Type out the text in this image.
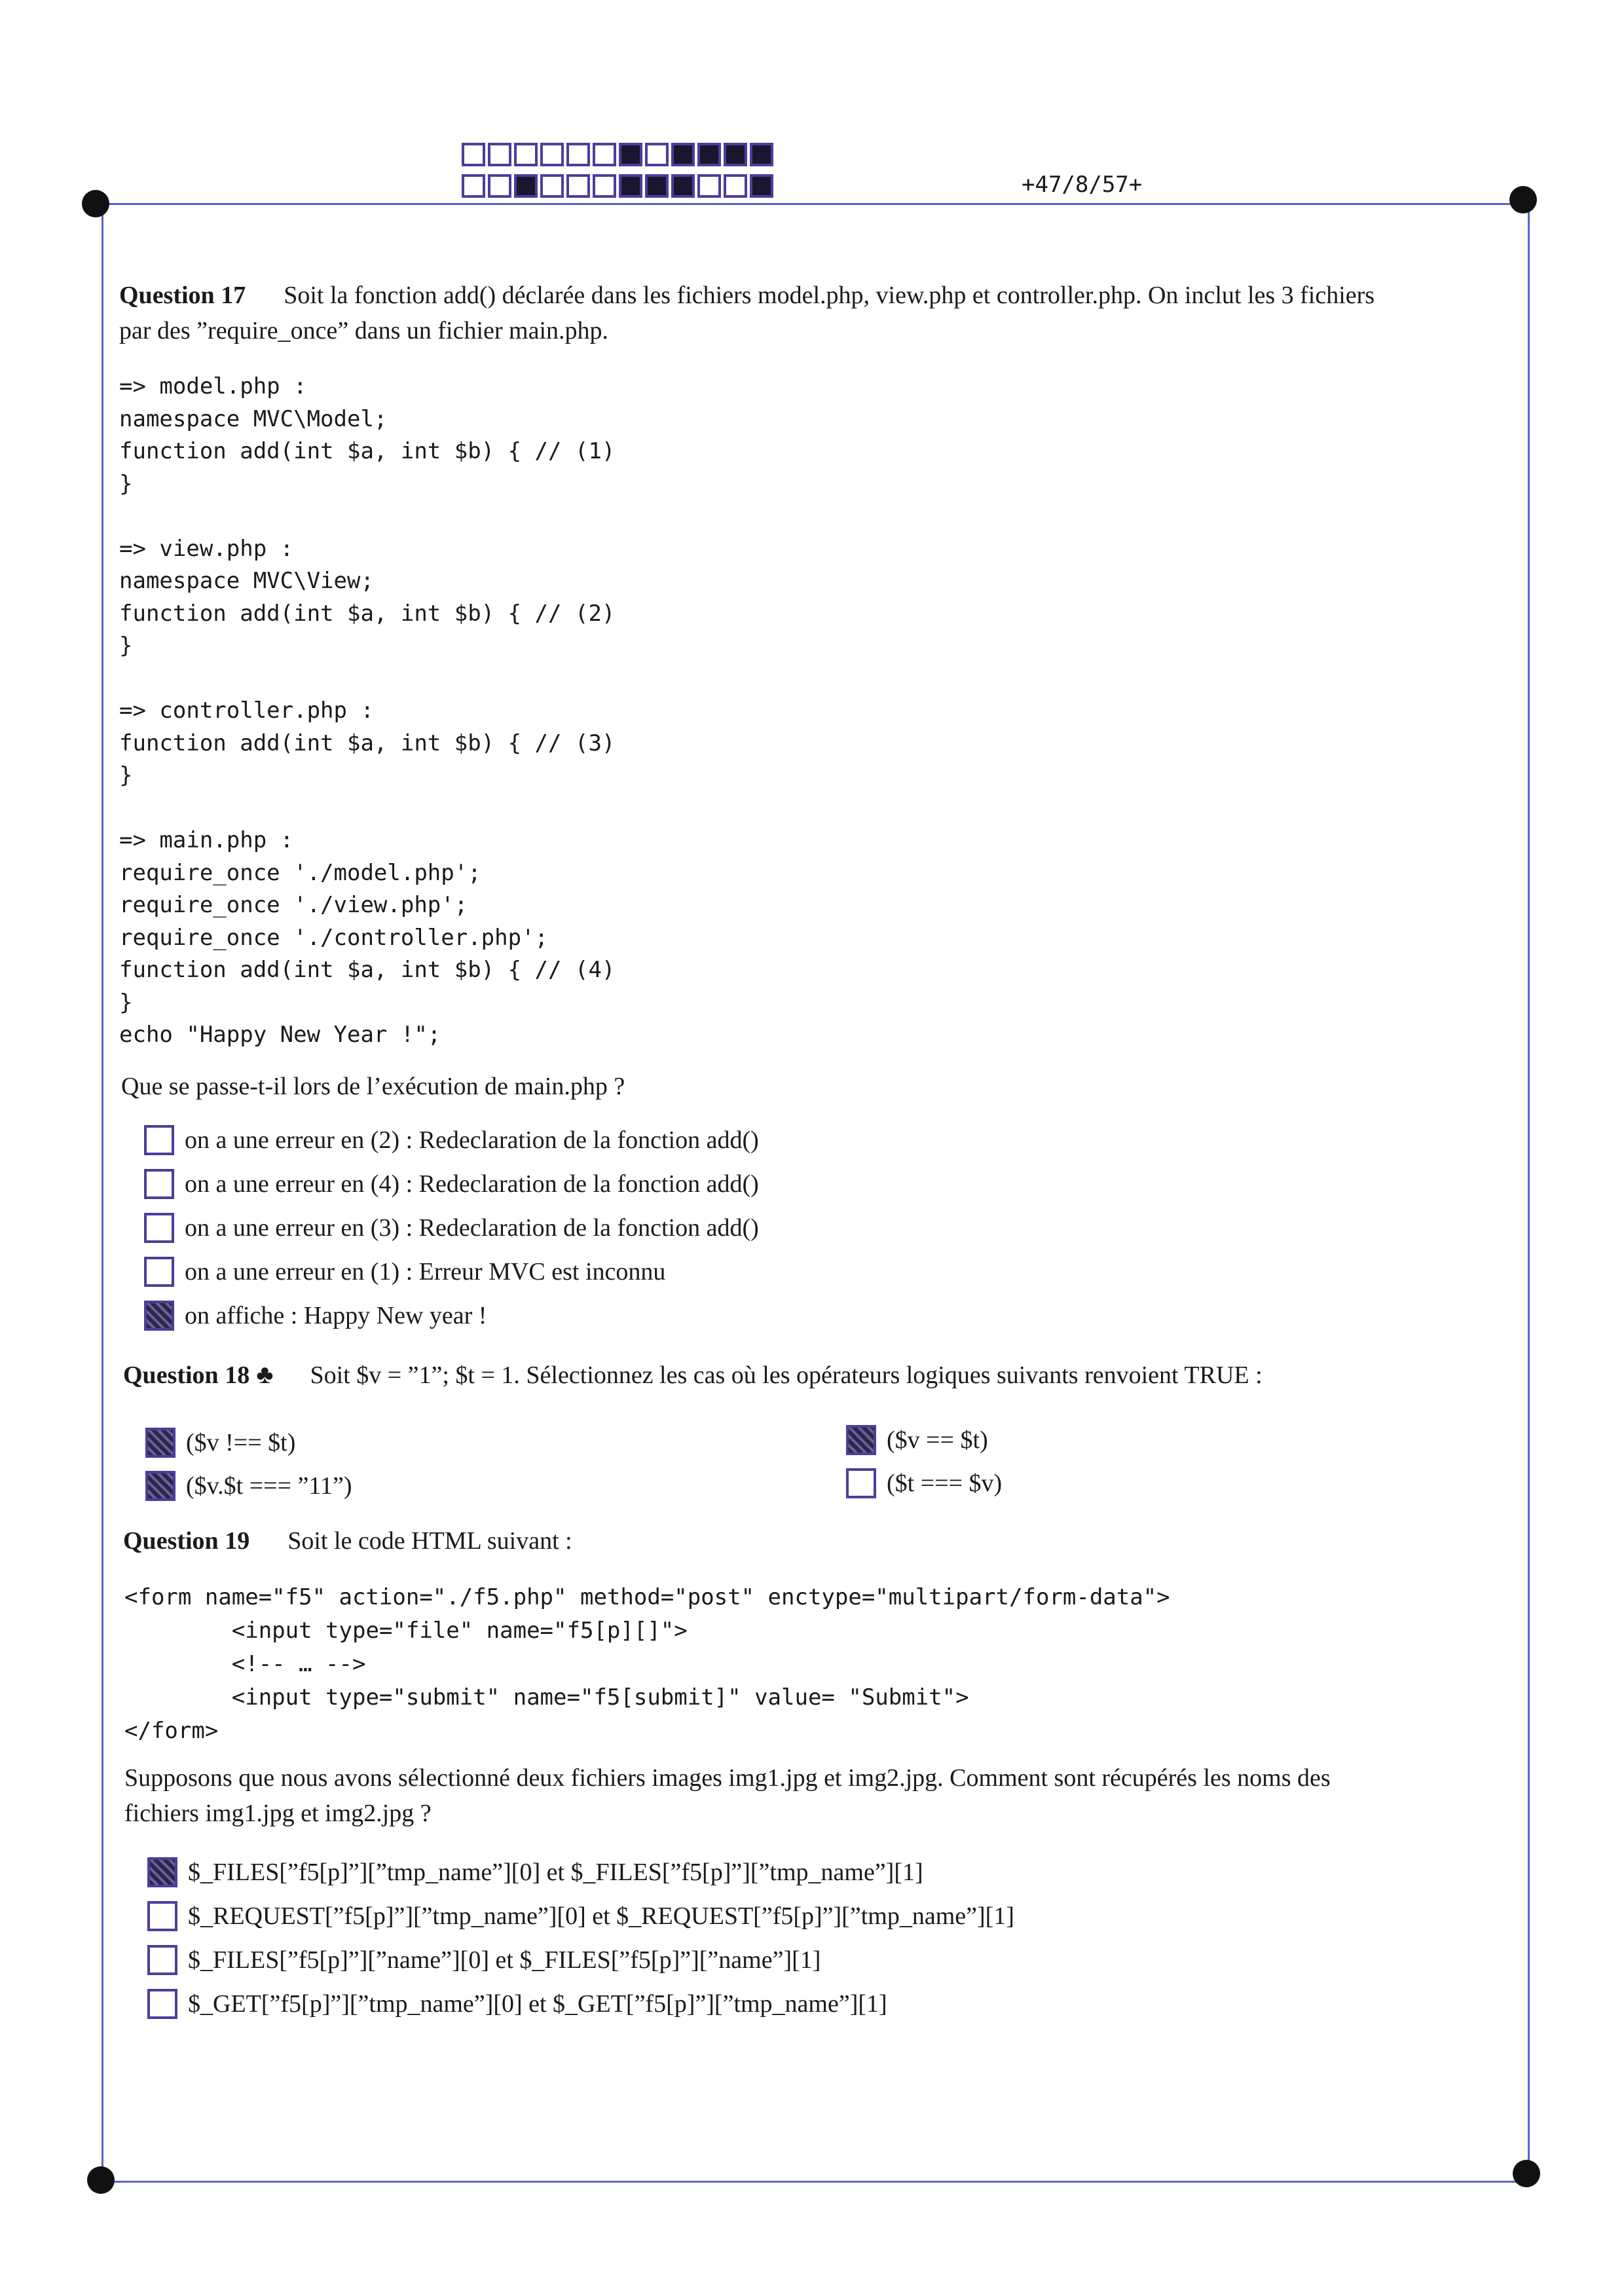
+47/8/57+
Question 17 Soit la fonction add() déclarée dans les fichiers model.php, view.php et controller.php. On inclut les 3 fichiers
par des ”require_once” dans un fichier main.php.
=> model.php :
namespace MVC\Model;
function add(int $a, int $b) { // (1)
}

=> view.php :
namespace MVC\View;
function add(int $a, int $b) { // (2)
}

=> controller.php :
function add(int $a, int $b) { // (3)
}

=> main.php :
require_once './model.php';
require_once './view.php';
require_once './controller.php';
function add(int $a, int $b) { // (4)
}
echo "Happy New Year !";
Que se passe-t-il lors de l’exécution de main.php ?
on a une erreur en (2) : Redeclaration de la fonction add()
on a une erreur en (4) : Redeclaration de la fonction add()
on a une erreur en (3) : Redeclaration de la fonction add()
on a une erreur en (1) : Erreur MVC est inconnu
on affiche : Happy New year !
Question 18 ♣ Soit $v = ”1”; $t = 1. Sélectionnez les cas où les opérateurs logiques suivants renvoient TRUE :
($v !== $t)
($v.$t === ”11”)
($v == $t)
($t === $v)
Question 19 Soit le code HTML suivant :
<form name="f5" action="./f5.php" method="post" enctype="multipart/form-data">
<input type="file" name="f5[p][]">
<!-- … -->
<input type="submit" name="f5[submit]" value= "Submit">
</form>
Supposons que nous avons sélectionné deux fichiers images img1.jpg et img2.jpg. Comment sont récupérés les noms des
fichiers img1.jpg et img2.jpg ?
$_FILES[”f5[p]”][”tmp_name”][0] et $_FILES[”f5[p]”][”tmp_name”][1]
$_REQUEST[”f5[p]”][”tmp_name”][0] et $_REQUEST[”f5[p]”][”tmp_name”][1]
$_FILES[”f5[p]”][”name”][0] et $_FILES[”f5[p]”][”name”][1]
$_GET[”f5[p]”][”tmp_name”][0] et $_GET[”f5[p]”][”tmp_name”][1]
